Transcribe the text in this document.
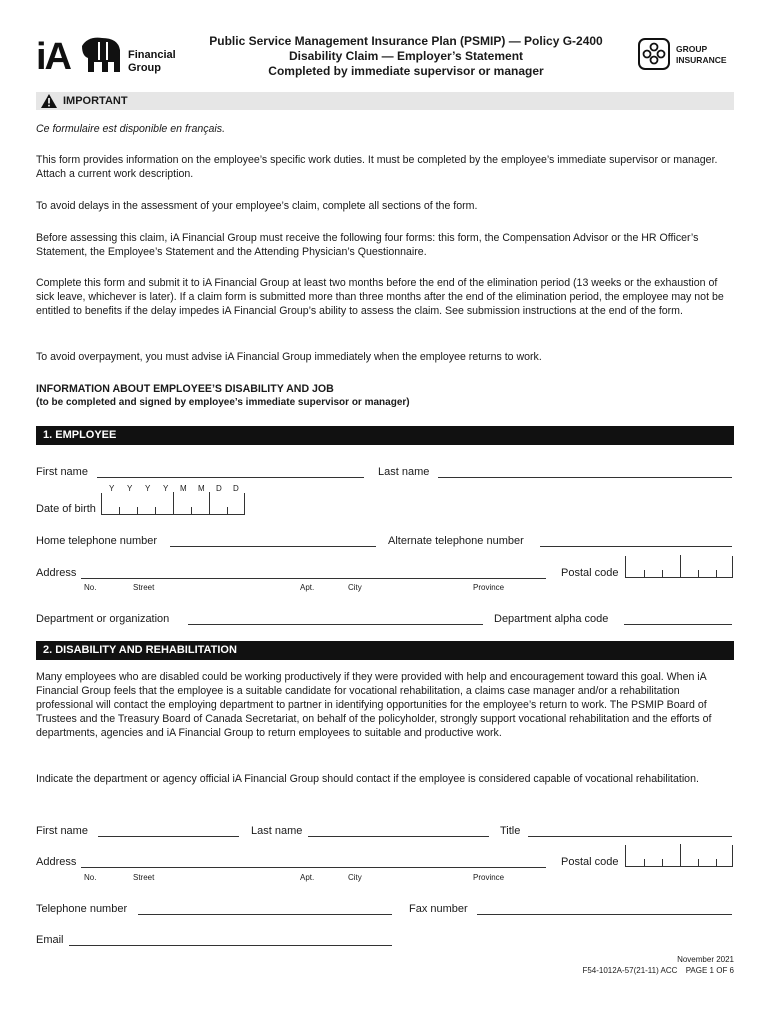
iA	Financial
Group
Public Service Management Insurance Plan (PSMIP) — Policy G-2400
Disability Claim — Employer’s Statement
Completed by immediate supervisor or manager
GROUP
INSURANCE
IMPORTANT
Ce formulaire est disponible en français.
This form provides information on the employee’s specific work duties. It must be completed by the employee’s immediate supervisor or manager. Attach a current work description.
To avoid delays in the assessment of your employee’s claim, complete all sections of the form.
Before assessing this claim, iA Financial Group must receive the following four forms: this form, the Compensation Advisor or the HR Officer’s Statement, the Employee’s Statement and the Attending Physician’s Questionnaire.
Complete this form and submit it to iA Financial Group at least two months before the end of the elimination period (13 weeks or the exhaustion of sick leave, whichever is later). If a claim form is submitted more than three months after the end of the elimination period, the employee may not be entitled to benefits if the delay impedes iA Financial Group’s ability to assess the claim. See submission instructions at the end of the form.
To avoid overpayment, you must advise iA Financial Group immediately when the employee returns to work.
INFORMATION ABOUT EMPLOYEE’S DISABILITY AND JOB
(to be completed and signed by employee’s immediate supervisor or manager)
1. EMPLOYEE
First name	Last name
Y Y Y Y M M D D
Date of birth
Home telephone number	Alternate telephone number
Address
No.	Street	Apt.	City	Province
Postal code
Department or organization	Department alpha code
2. DISABILITY AND REHABILITATION
Many employees who are disabled could be working productively if they were provided with help and encouragement toward this goal. When iA Financial Group feels that the employee is a suitable candidate for vocational rehabilitation, a claims case manager and/or a rehabilitation professional will contact the employing department to partner in identifying opportunities for the employee’s return to work. The PSMIP Board of Trustees and the Treasury Board of Canada Secretariat, on behalf of the policyholder, strongly support vocational rehabilitation and the efforts of departments, agencies and iA Financial Group to return employees to suitable and productive work.
Indicate the department or agency official iA Financial Group should contact if the employee is considered capable of vocational rehabilitation.
First name	Last name	Title
Address
No.	Street	Apt.	City	Province
Postal code
Telephone number	Fax number
Email
November 2021
F54-1012A-57(21-11) ACC PAGE 1 OF 6
